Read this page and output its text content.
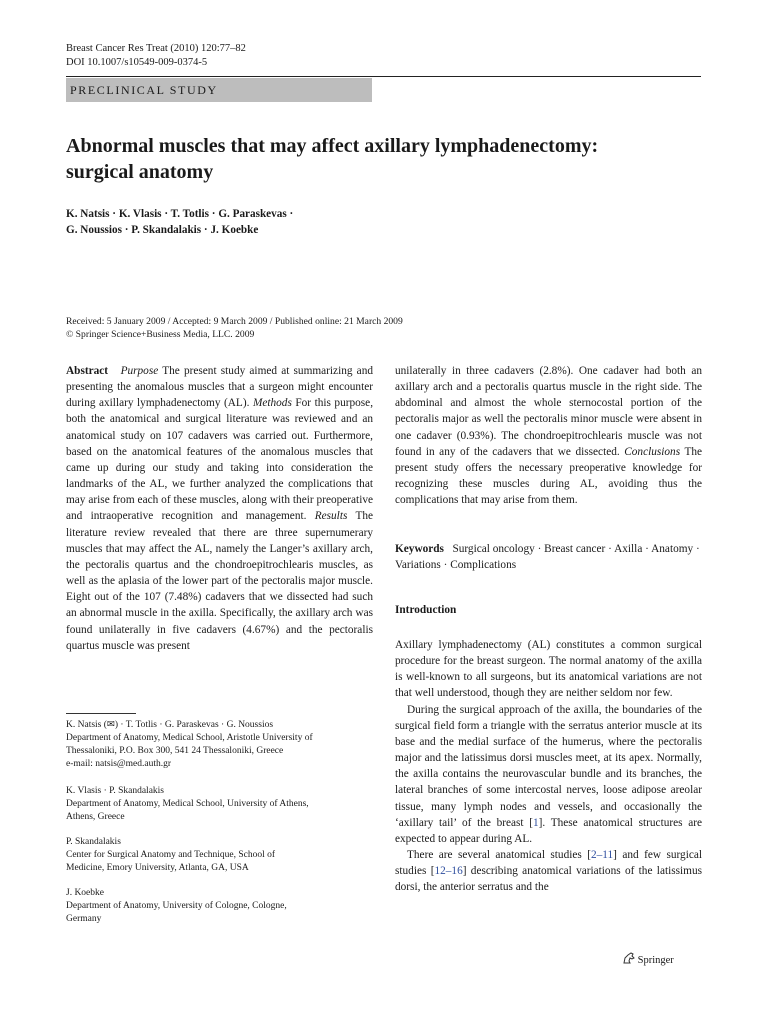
Breast Cancer Res Treat (2010) 120:77–82
DOI 10.1007/s10549-009-0374-5
PRECLINICAL STUDY
Abnormal muscles that may affect axillary lymphadenectomy:
surgical anatomy
K. Natsis · K. Vlasis · T. Totlis · G. Paraskevas ·
G. Noussios · P. Skandalakis · J. Koebke
Received: 5 January 2009 / Accepted: 9 March 2009 / Published online: 21 March 2009
© Springer Science+Business Media, LLC. 2009

Abstract Purpose The present study aimed at summarizing and presenting the anomalous muscles that a surgeon might encounter during axillary lymphadenectomy (AL). Methods For this purpose, both the anatomical and surgical literature was reviewed and an anatomical study on 107 cadavers was carried out. Furthermore, based on the anatomical features of the anomalous muscles that came up during our study and taking into consideration the landmarks of the AL, we further analyzed the complications that may arise from each of these muscles, along with their preoperative and intraoperative recognition and management. Results The literature review revealed that there are three supernumerary muscles that may affect the AL, namely the Langer’s axillary arch, the pectoralis quartus and the chondroepitrochlearis muscles, as well as the aplasia of the lower part of the pectoralis major muscle. Eight out of the 107 (7.48%) cadavers that we dissected had such an abnormal muscle in the axilla. Specifically, the axillary arch was found unilaterally in five cadavers (4.67%) and the pectoralis quartus muscle was present

unilaterally in three cadavers (2.8%). One cadaver had both an axillary arch and a pectoralis quartus muscle in the right side. The abdominal and almost the whole sternocostal portion of the pectoralis major as well the pectoralis minor muscle were absent in one cadaver (0.93%). The chondroepitrochlearis muscle was not found in any of the cadavers that we dissected. Conclusions The present study offers the necessary preoperative knowledge for recognizing these muscles during AL, avoiding thus the complications that may arise from them.

Keywords Surgical oncology · Breast cancer · Axilla · Anatomy · Variations · Complications
Introduction

Axillary lymphadenectomy (AL) constitutes a common surgical procedure for the breast surgeon. The normal anatomy of the axilla is well-known to all surgeons, but its anatomical variations are not that well understood, though they are neither seldom nor few.

During the surgical approach of the axilla, the boundaries of the surgical field form a triangle with the serratus anterior muscle at its base and the medial surface of the humerus, where the pectoralis major and the latissimus dorsi muscles meet, at its apex. Normally, the axilla contains the neurovascular bundle and its branches, the lateral branches of some intercostal nerves, loose adipose areolar tissue, many lymph nodes and vessels, and occasionally the ‘axillary tail’ of the breast [1]. These anatomical structures are expected to appear during AL.

There are several anatomical studies [2–11] and few surgical studies [12–16] describing anatomical variations of the latissimus dorsi, the anterior serratus and the

K. Natsis (✉) · T. Totlis · G. Paraskevas · G. Noussios
Department of Anatomy, Medical School, Aristotle University of
Thessaloniki, P.O. Box 300, 541 24 Thessaloniki, Greece
e-mail: natsis@med.auth.gr
K. Vlasis · P. Skandalakis
Department of Anatomy, Medical School, University of Athens,
Athens, Greece
P. Skandalakis
Center for Surgical Anatomy and Technique, School of
Medicine, Emory University, Atlanta, GA, USA
J. Koebke
Department of Anatomy, University of Cologne, Cologne,
Germany
Springer
